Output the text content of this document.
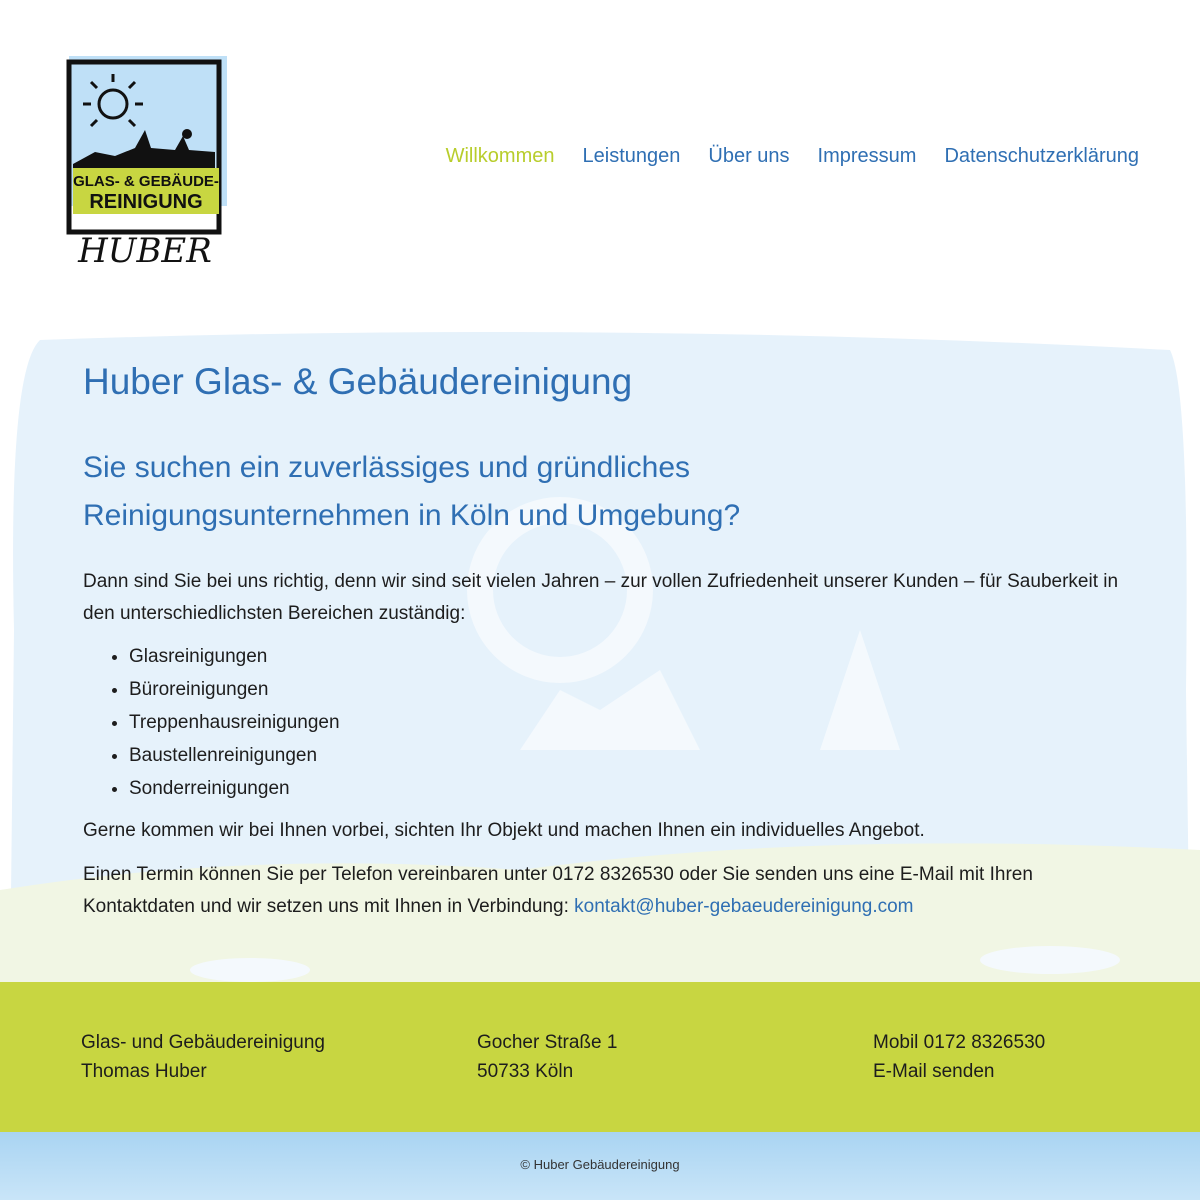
GLAS- & GEBÄUDE-
REINIGUNG
HUBER
Willkommen Leistungen Über uns Impressum Datenschutzerklärung
Huber Glas- & Gebäudereinigung
Sie suchen ein zuverlässiges und gründliches Reinigungsunternehmen in Köln und Umgebung?

Dann sind Sie bei uns richtig, denn wir sind seit vielen Jahren – zur vollen Zufriedenheit unserer Kunden – für Sauberkeit in den unterschiedlichsten Bereichen zuständig:

• Glasreinigungen
• Büroreinigungen
• Treppenhausreinigungen
• Baustellenreinigungen
• Sonderreinigungen

Gerne kommen wir bei Ihnen vorbei, sichten Ihr Objekt und machen Ihnen ein individuelles Angebot.

Einen Termin können Sie per Telefon vereinbaren unter 0172 8326530 oder Sie senden uns eine E-Mail mit Ihren Kontaktdaten und wir setzen uns mit Ihnen in Verbindung: kontakt@huber-gebaeudereinigung.com

Glas- und Gebäudereinigung
Thomas Huber
Gocher Straße 1
50733 Köln
Mobil 0172 8326530
E-Mail senden
© Huber Gebäudereinigung
